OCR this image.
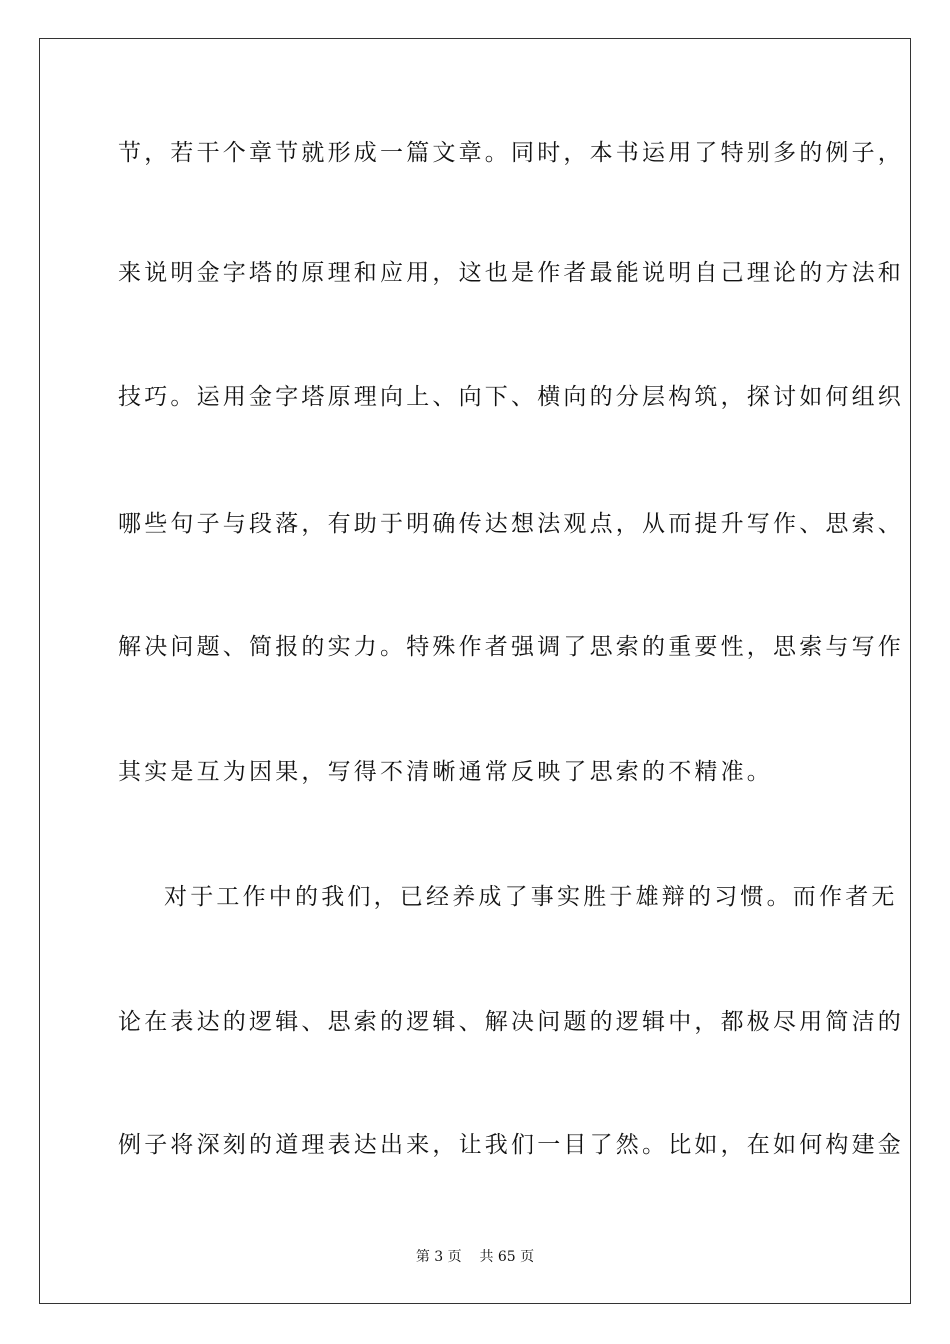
节，若干个章节就形成一篇文章。同时，本书运用了特别多的例子，
来说明金字塔的原理和应用，这也是作者最能说明自己理论的方法和
技巧。运用金字塔原理向上、向下、横向的分层构筑，探讨如何组织
哪些句子与段落，有助于明确传达想法观点，从而提升写作、思索、
解决问题、简报的实力。特殊作者强调了思索的重要性，思索与写作
其实是互为因果，写得不清晰通常反映了思索的不精准。
对于工作中的我们，已经养成了事实胜于雄辩的习惯。而作者无
论在表达的逻辑、思索的逻辑、解决问题的逻辑中，都极尽用简洁的
例子将深刻的道理表达出来，让我们一目了然。比如，在如何构建金
第 3 页 共 65 页
